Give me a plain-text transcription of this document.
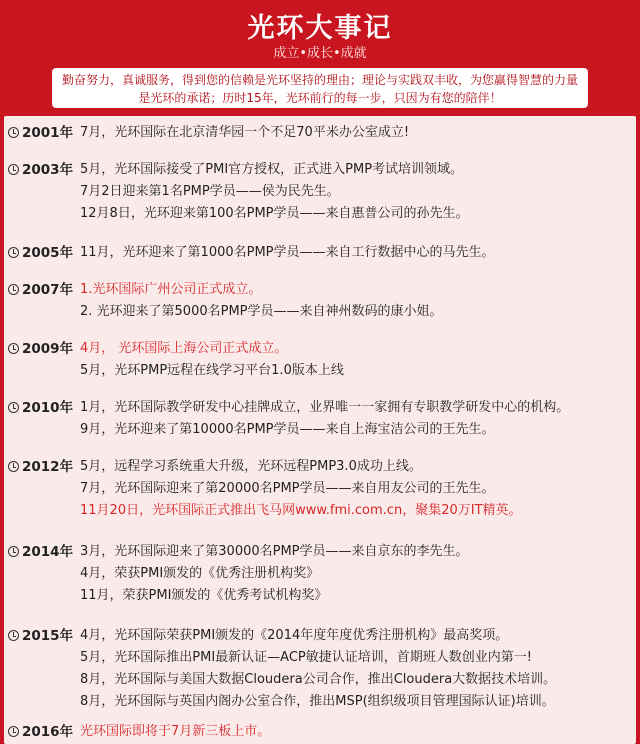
光环大事记
成立•成长•成就
勤奋努力，真诚服务，得到您的信赖是光环坚持的理由；理论与实践双丰收，为您赢得智慧的力量是光环的承诺；历时15年，光环前行的每一步，只因为有您的陪伴！
2001年 7月，光环国际在北京清华园一个不足70平米办公室成立!
2003年 5月，光环国际接受了PMI官方授权，正式进入PMP考试培训领域。
7月2日迎来第1名PMP学员——侯为民先生。
12月8日，光环迎来第100名PMP学员——来自惠普公司的孙先生。
2005年 11月，光环迎来了第1000名PMP学员——来自工行数据中心的马先生。
2007年 1.光环国际广州公司正式成立。
2. 光环迎来了第5000名PMP学员——来自神州数码的康小姐。
2009年 4月， 光环国际上海公司正式成立。
5月，光环PMP远程在线学习平台1.0版本上线
2010年 1月，光环国际教学研发中心挂牌成立，业界唯一一家拥有专职教学研发中心的机构。
9月，光环迎来了第10000名PMP学员——来自上海宝洁公司的王先生。
2012年 5月，远程学习系统重大升级，光环远程PMP3.0成功上线。
7月，光环国际迎来了第20000名PMP学员——来自用友公司的王先生。
11月20日，光环国际正式推出飞马网www.fmi.com.cn，聚集20万IT精英。
2014年 3月，光环国际迎来了第30000名PMP学员——来自京东的李先生。
4月，荣获PMI颁发的《优秀注册机构奖》
11月，荣获PMI颁发的《优秀考试机构奖》
2015年 4月，光环国际荣获PMI颁发的《2014年度年度优秀注册机构》最高奖项。
5月，光环国际推出PMI最新认证—ACP敏捷认证培训，首期班人数创业内第一!
8月，光环国际与美国大数据Cloudera公司合作，推出Cloudera大数据技术培训。
8月，光环国际与英国内阁办公室合作，推出MSP(组织级项目管理国际认证)培训。
2016年 光环国际即将于7月新三板上市。
